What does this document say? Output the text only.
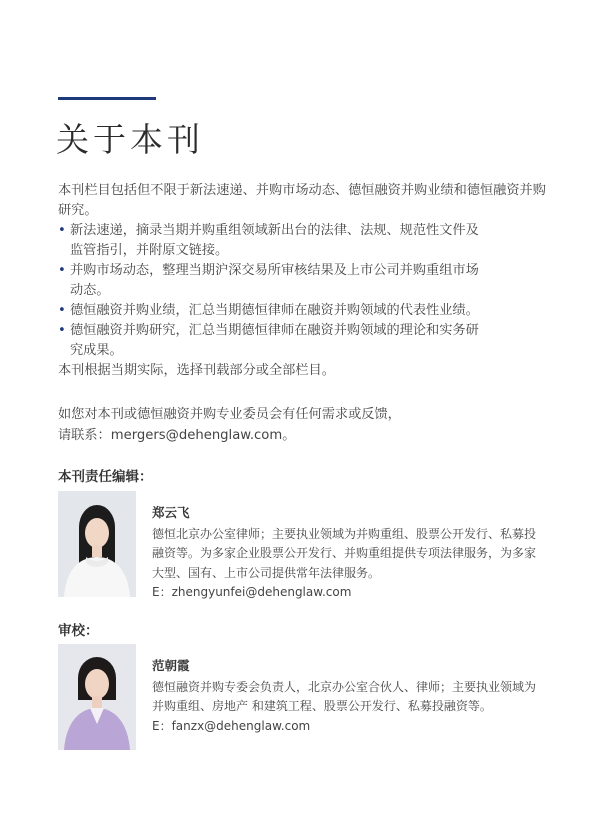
关于本刊

本刊栏目包括但不限于新法速递、并购市场动态、德恒融资并购业绩和德恒融资并购研究。

• 新法速递，摘录当期并购重组领域新出台的法律、法规、规范性文件及监管指引，并附原文链接。
• 并购市场动态，整理当期沪深交易所审核结果及上市公司并购重组市场动态。
• 德恒融资并购业绩，汇总当期德恒律师在融资并购领域的代表性业绩。
• 德恒融资并购研究，汇总当期德恒律师在融资并购领域的理论和实务研究成果。

本刊根据当期实际，选择刊载部分或全部栏目。

如您对本刊或德恒融资并购专业委员会有任何需求或反馈，

请联系：mergers@dehenglaw.com。

本刊责任编辑：
郑云飞

德恒北京办公室律师；主要执业领域为并购重组、股票公开发行、私募投融资等。为多家企业股票公开发行、并购重组提供专项法律服务，为多家大型、国有、上市公司提供常年法律服务。

E：zhengyunfei@dehenglaw.com

审校：
范朝霞

德恒融资并购专委会负责人，北京办公室合伙人、律师；主要执业领域为并购重组、房地产 和建筑工程、股票公开发行、私募投融资等。

E：fanzx@dehenglaw.com
